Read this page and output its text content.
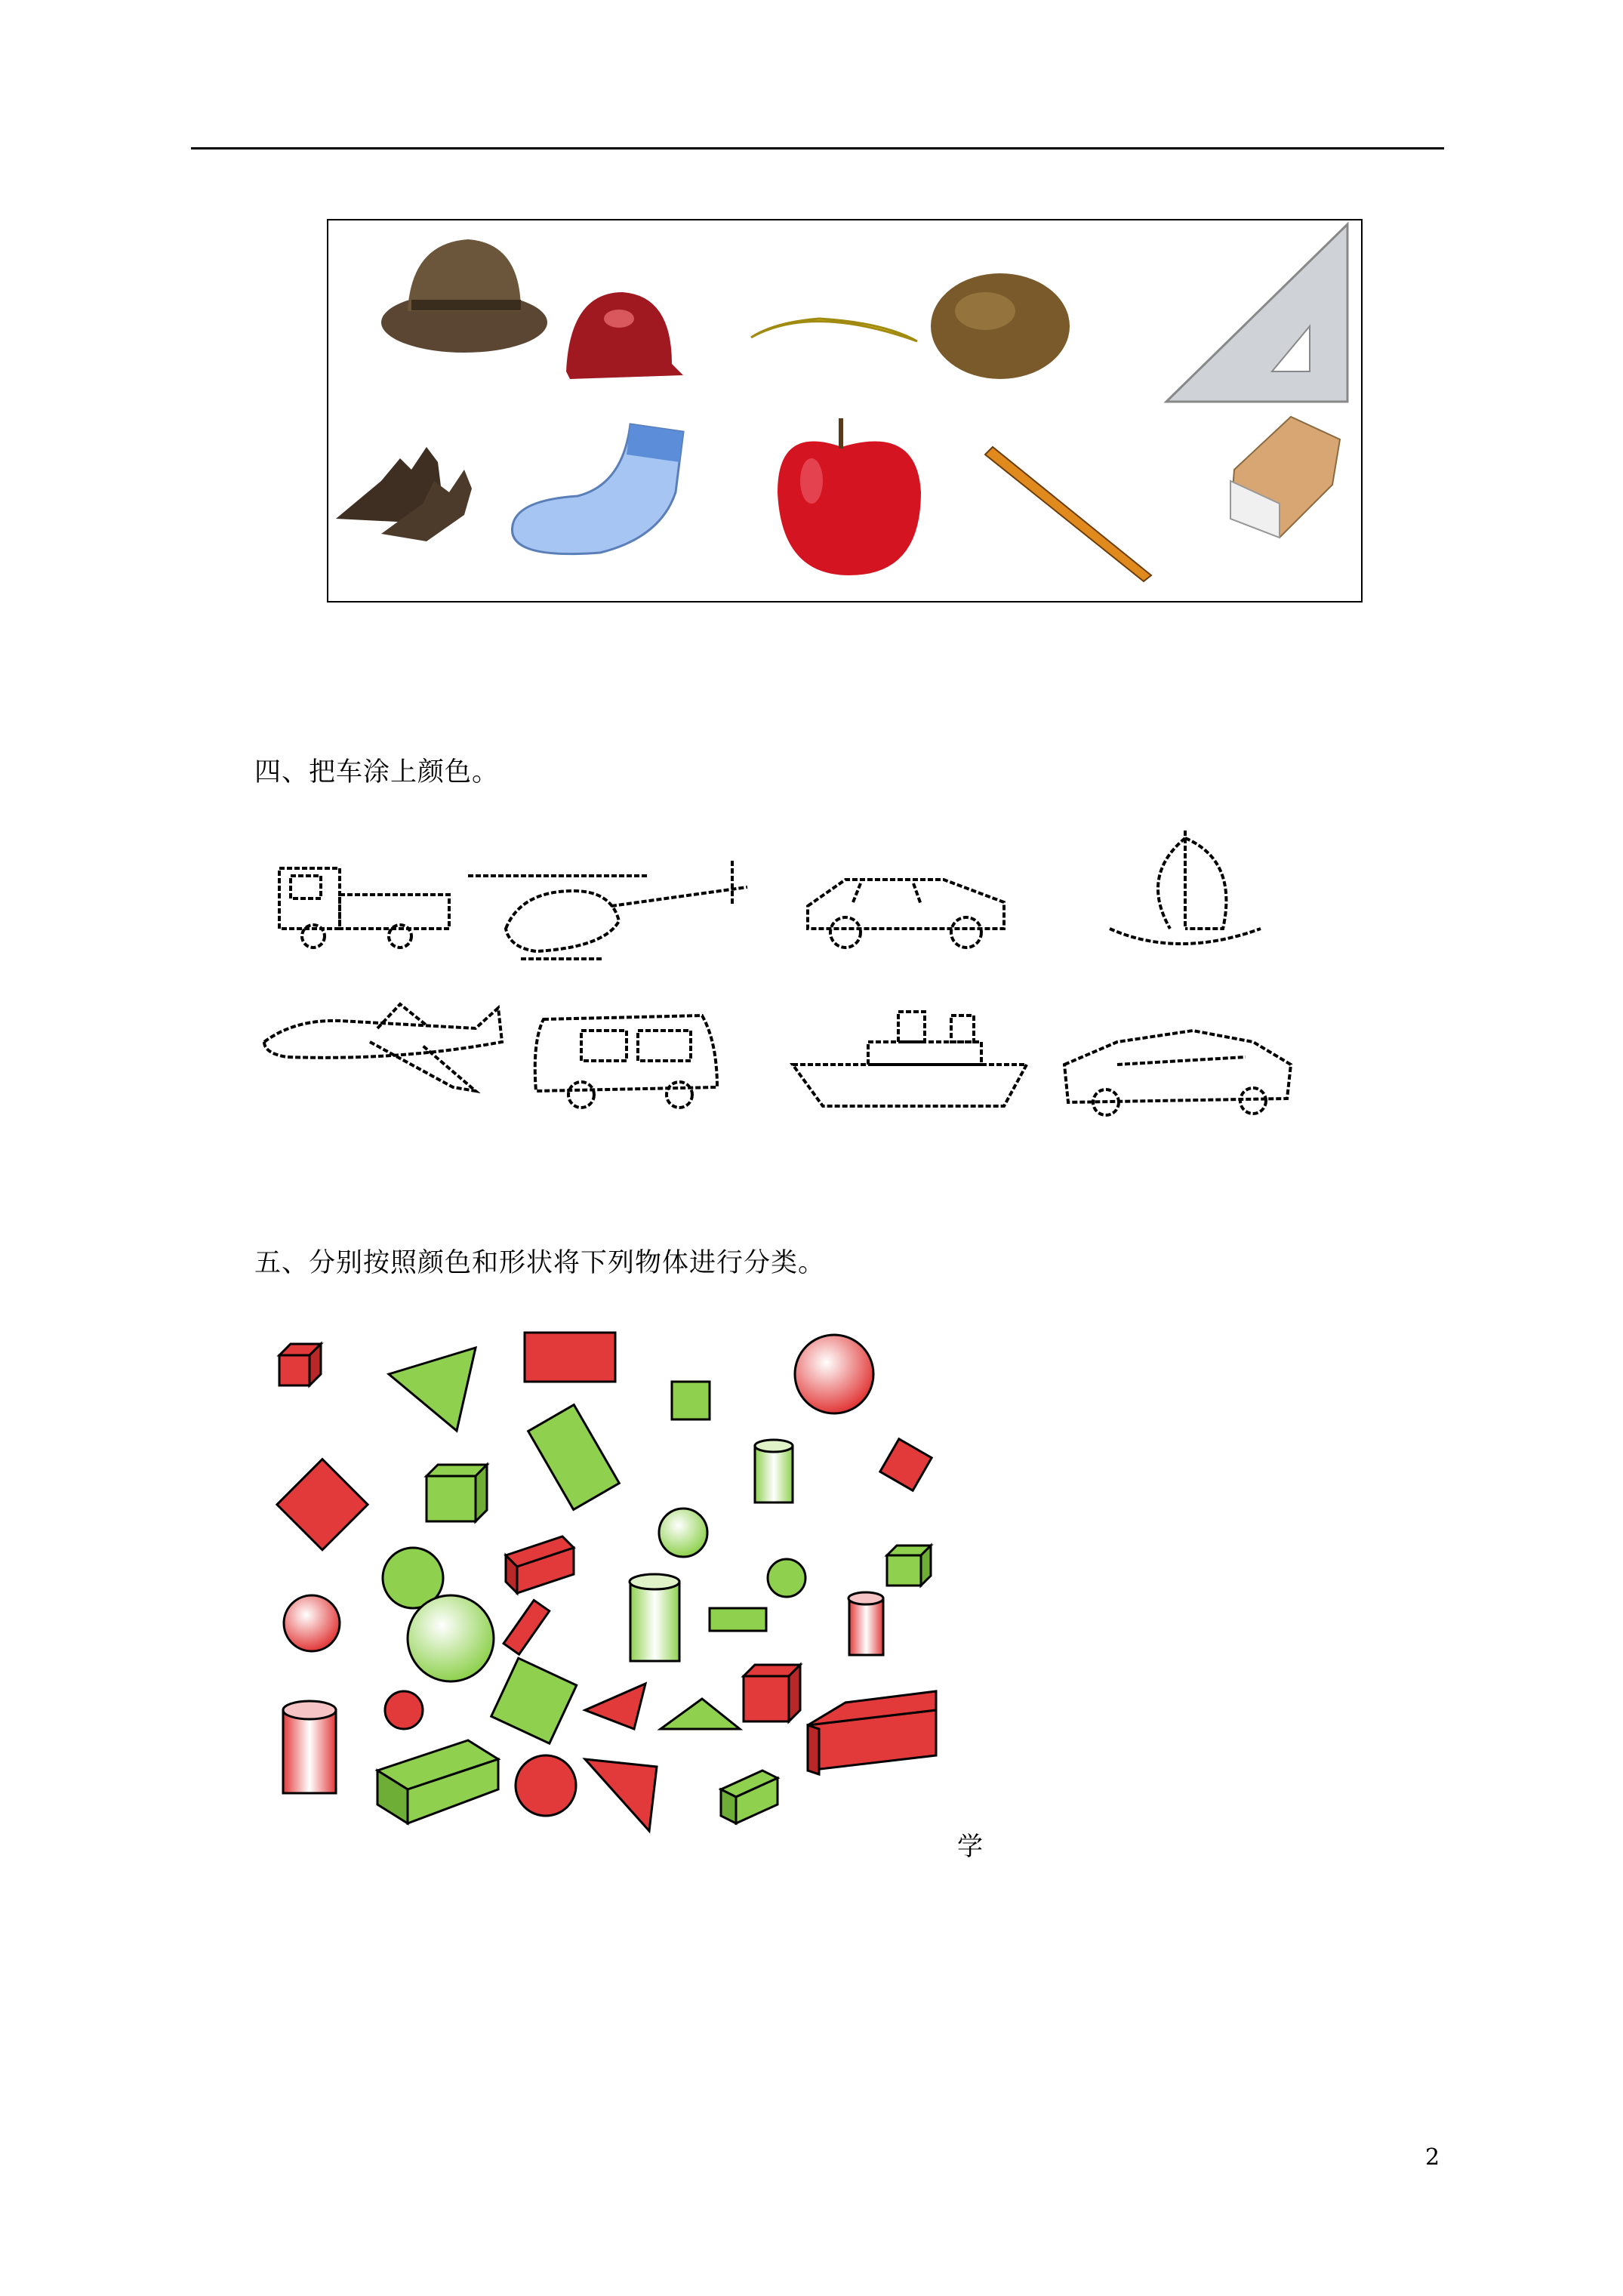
四、把车涂上颜色。
五、分别按照颜色和形状将下列物体进行分类。
学
2
